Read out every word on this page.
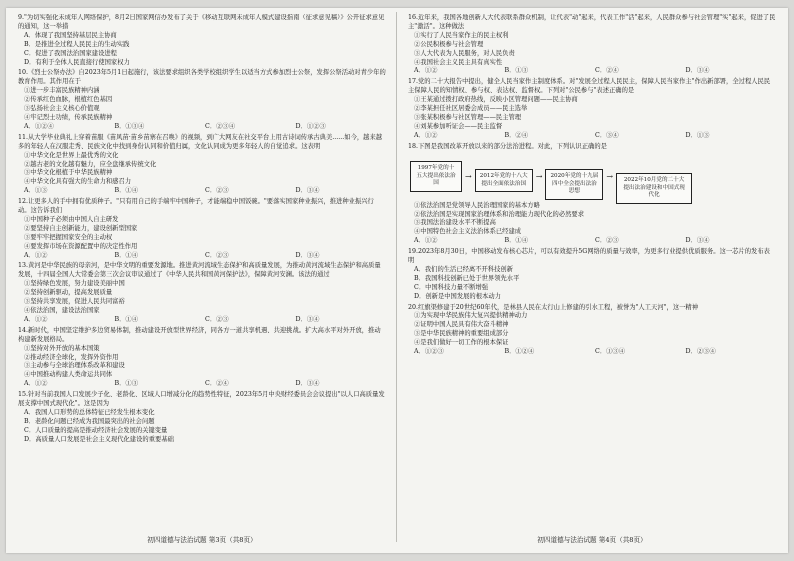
9."为切实强化未成年人网络保护，8月2日国家网信办发布了关于《移动互联网未成年人模式建设指南（征求意见稿）》公开征求意见的通知，这一举措

A．体现了我国坚持基层民主协商

B．是推进全过程人民民主的生动实践

C．促进了我国法治国家建设进程

D．有利于全体人民直接行使国家权力

10.《烈士公祭办法》自2023年5月1日起施行，该法要求组织各类学校组织学生以适当方式参加烈士公祭，发挥公祭活动对青少年的教育作用。其作用在于

①进一步丰富民族精神内涵

②传承红色血脉，根植红色基因

③弘扬社会主义核心价值观

④牢记烈士功绩，传承民族精神

A．①②④	B．①③④	C．②③④	D．①②③

11.从大学毕业典礼上穿着苗服《苗风苗·苗乡苗寨在召唤》的视频，到广大网友在社交平台上用古诗词传承古典美......如今，越来越多的年轻人在汉服走秀、民族文化中找到身份认同和价值归属，文化认同成为更多年轻人的自觉追求。这表明

①中华文化是世界上最优秀的文化

②越古老的文化越有魅力，应全盘继承传统文化

③中华文化根植于中华民族精神

④中华文化具有强大的生命力和感召力

A．①③	B．①④	C．②③	D．③④

12.让更多人的手中拥有优质种子。"只有用自己的手端牢中国种子，才能端稳中国饭碗。"要落实国家种业振兴，推进种业振兴行动。这告诉我们

①中国种子必须由中国人自主研发

②要坚持自主创新能力，建设创新型国家

③要牢牢把握国家安全的主动权

④要发挥市场在资源配置中的决定性作用

A．①②	B．①④	C．②③	D．③④

13.黄河是中华民族的母亲河，是中华文明的重要发源地。推进黄河流域生态保护和高质量发展，为推动黄河流域生态保护和高质量发展，十四届全国人大常委会第三次会议审议通过了《中华人民共和国黄河保护法》，保障黄河安澜。该法的通过

①坚持绿色发展，努力建设美丽中国

②坚持创新驱动，提高发展质量

③坚持共享发展，促进人民共同富裕

④依法治国，建设法治国家

A．①②	B．①④	C．②③	D．③④

14.新时代，中国坚定维护多边贸易体制，推动建设开放型世界经济，同各方一道共享机遇、共迎挑战。扩大高水平对外开放，推动构建新发展格局。

①坚持对外开放的基本国策

②推动经济全球化，发挥外资作用

③主动参与全球治理体系改革和建设

④中国推动构建人类命运共同体

A．①②	B．①③	C．②④	D．③④

15.针对当前我国人口发展少子化、老龄化、区域人口增减分化的趋势性特征，2023年5月中央财经委员会会议提出"以人口高质量发展支撑中国式现代化"。这是因为

A．我国人口形势的总体特征已经发生根本变化

B．老龄化问题已经成为我国最突出的社会问题

C．人口质量的提高是推动经济社会发展的关键变量

D．高质量人口发展是社会主义现代化建设的重要基础

16.近年来，我国各地创新人大代表联系群众机制，让代表"动"起来，代表工作"活"起来，人民群众参与社会管理"实"起来，促进了民主"激活"。这种做法

①实行了人民当家作主的民主权利

②公民积极参与社会管理

③人大代表为人民服务，对人民负责

④我国社会主义民主具有真实性

A．①②	B．①③	C．②④	D．③④

17.党的二十大报告中提出，健全人民当家作主制度体系。对"发展全过程人民民主，保障人民当家作主"作出新部署，全过程人民民主保障人民的知情权、参与权、表达权、监督权。下列对"公民参与"表述正确的是

①王某通过拨打政府热线，反映小区管理问题——民主协商

②李某担任社区居委会成员——民主选举

③张某积极参与社区管理——民主管理

④刘某参加听证会——民主监督

A．①②	B．②④	C．③④	D．①③

18.下图是我国改革开放以来的部分法治进程。对此，下列认识正确的是

1997年党的十五大提出依法治国
→	2012年党的十八大提出全面依法治国
→	2020年党的十九届四中全会提出法治思想
→	2022年10月党的二十大提出法治建设和中国式现代化

①依法治国是党领导人民治理国家的基本方略

②依法治国是实现国家治理体系和治理能力现代化的必然要求

③我国法治建设水平不断提高

④中国特色社会主义法治体系已经建成

A．①②	B．①④	C．②③	D．③④

19.2023年8月30日，中国移动发布核心芯片，可以有效提升5G网络的质量与效率，为更多行业提供优质服务。这一芯片的发布表明

A．我们的生活已经离不开科技创新

B．我国科技创新已处于世界领先水平

C．中国科技力量不断增强

D．创新是中国发展的根本动力

20.红旗渠修建于20世纪60年代，是林县人民在太行山上修建的引水工程，被誉为"人工天河"，这一精神

①为实现中华民族伟大复兴提供精神动力

②证明中国人民具有伟大奋斗精神

③是中华民族精神的重要组成部分

④是我们做好一切工作的根本保证

A．①②③	B．①②④	C．①③④	D．②③④
初四道德与法治试题 第3页（共8页）	初四道德与法治试题 第4页（共8页）
